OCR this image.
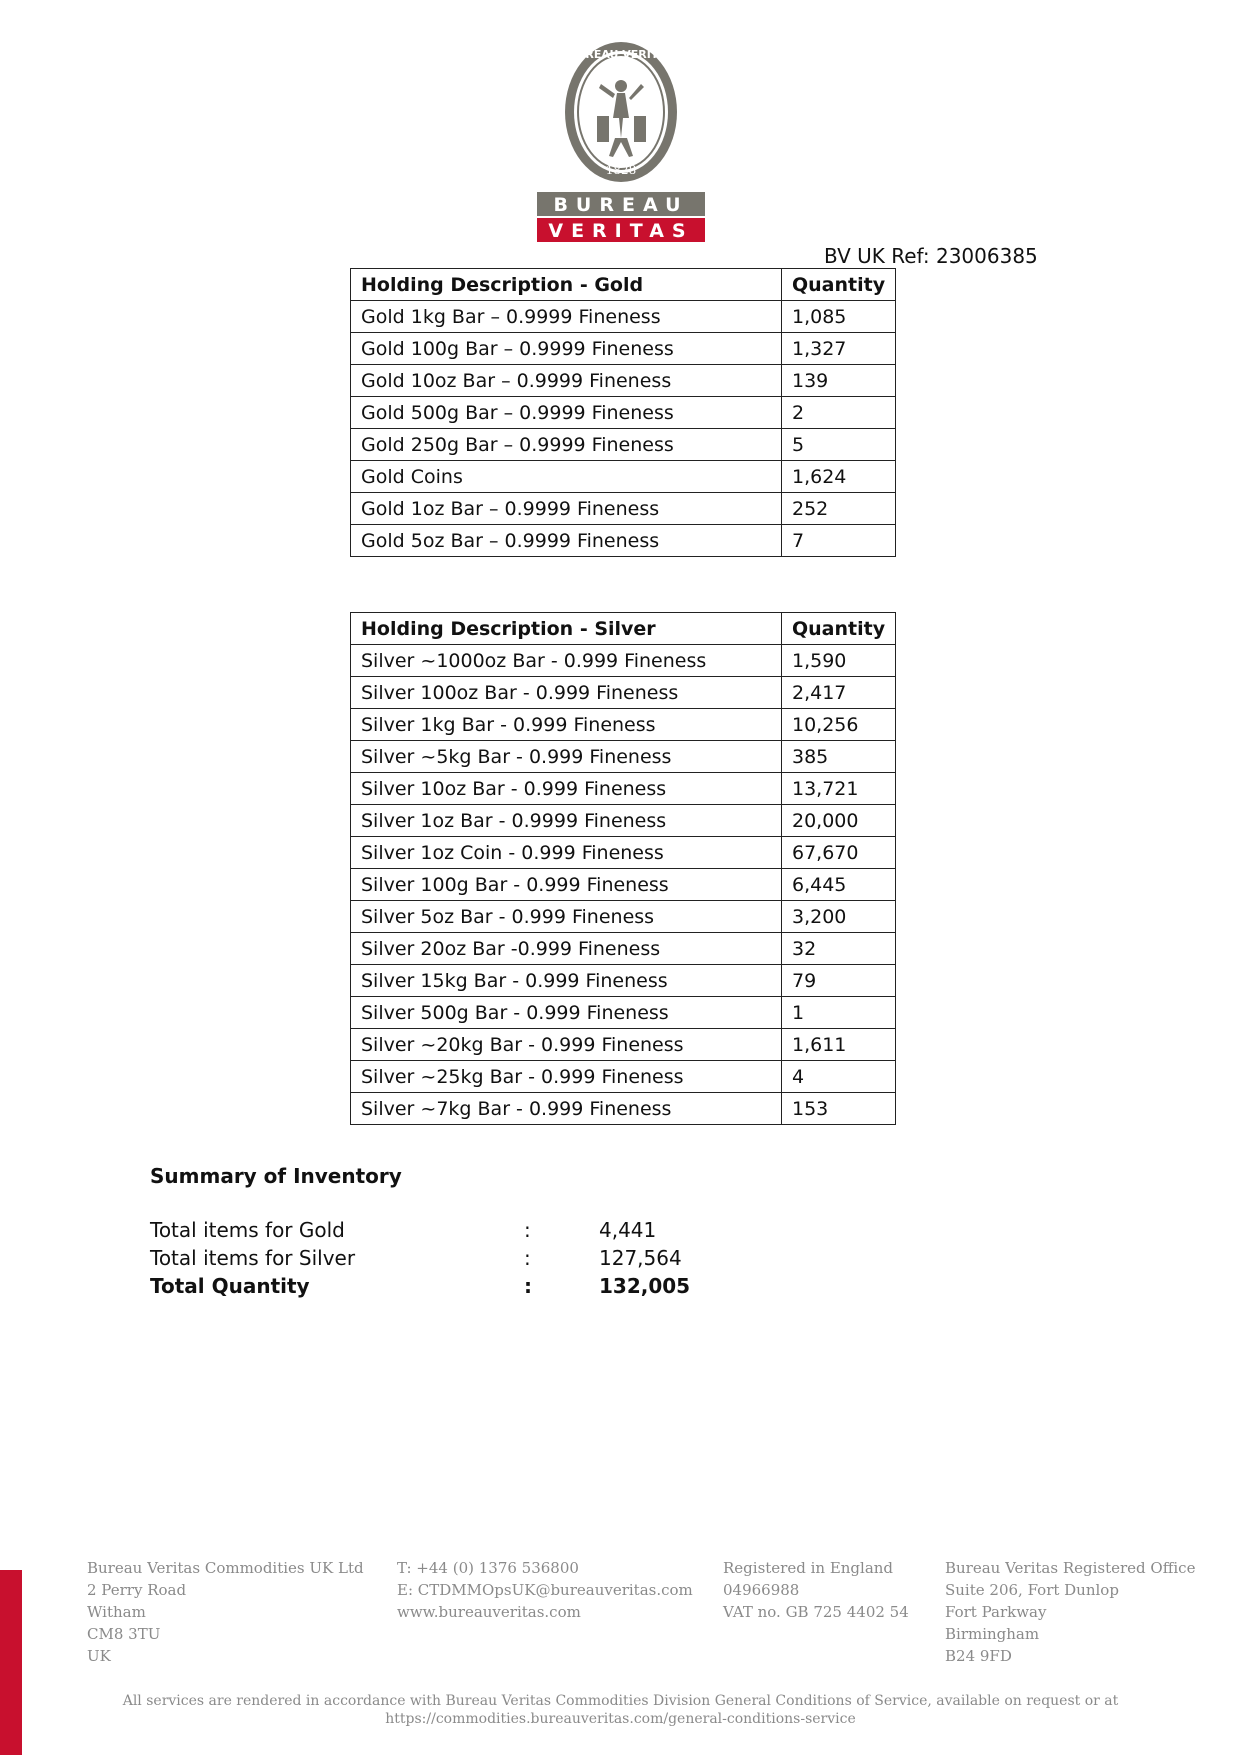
1828
BUREAU VERITAS
BUREAU
VERITAS
BV UK Ref: 23006385
Holding Description - Gold	Quantity
Gold 1kg Bar – 0.9999 Fineness	1,085
Gold 100g Bar – 0.9999 Fineness	1,327
Gold 10oz Bar – 0.9999 Fineness	139
Gold 500g Bar – 0.9999 Fineness	2
Gold 250g Bar – 0.9999 Fineness	5
Gold Coins	1,624
Gold 1oz Bar – 0.9999 Fineness	252
Gold 5oz Bar – 0.9999 Fineness	7
Holding Description - Silver	Quantity
Silver ~1000oz Bar - 0.999 Fineness	1,590
Silver 100oz Bar - 0.999 Fineness	2,417
Silver 1kg Bar - 0.999 Fineness	10,256
Silver ~5kg Bar - 0.999 Fineness	385
Silver 10oz Bar - 0.999 Fineness	13,721
Silver 1oz Bar - 0.9999 Fineness	20,000
Silver 1oz Coin - 0.999 Fineness	67,670
Silver 100g Bar - 0.999 Fineness	6,445
Silver 5oz Bar - 0.999 Fineness	3,200
Silver 20oz Bar -0.999 Fineness	32
Silver 15kg Bar - 0.999 Fineness	79
Silver 500g Bar - 0.999 Fineness	1
Silver ~20kg Bar - 0.999 Fineness	1,611
Silver ~25kg Bar - 0.999 Fineness	4
Silver ~7kg Bar - 0.999 Fineness	153
Summary of Inventory
Total items for Gold	:	4,441
Total items for Silver	:	127,564
Total Quantity	:	132,005
Bureau Veritas Commodities UK Ltd
2 Perry Road
Witham
CM8 3TU
UK
T: +44 (0) 1376 536800
E: CTDMMOpsUK@bureauveritas.com
www.bureauveritas.com
Registered in England
04966988
VAT no. GB 725 4402 54
Bureau Veritas Registered Office
Suite 206, Fort Dunlop
Fort Parkway
Birmingham
B24 9FD
All services are rendered in accordance with Bureau Veritas Commodities Division General Conditions of Service, available on request or at
https://commodities.bureauveritas.com/general-conditions-service
